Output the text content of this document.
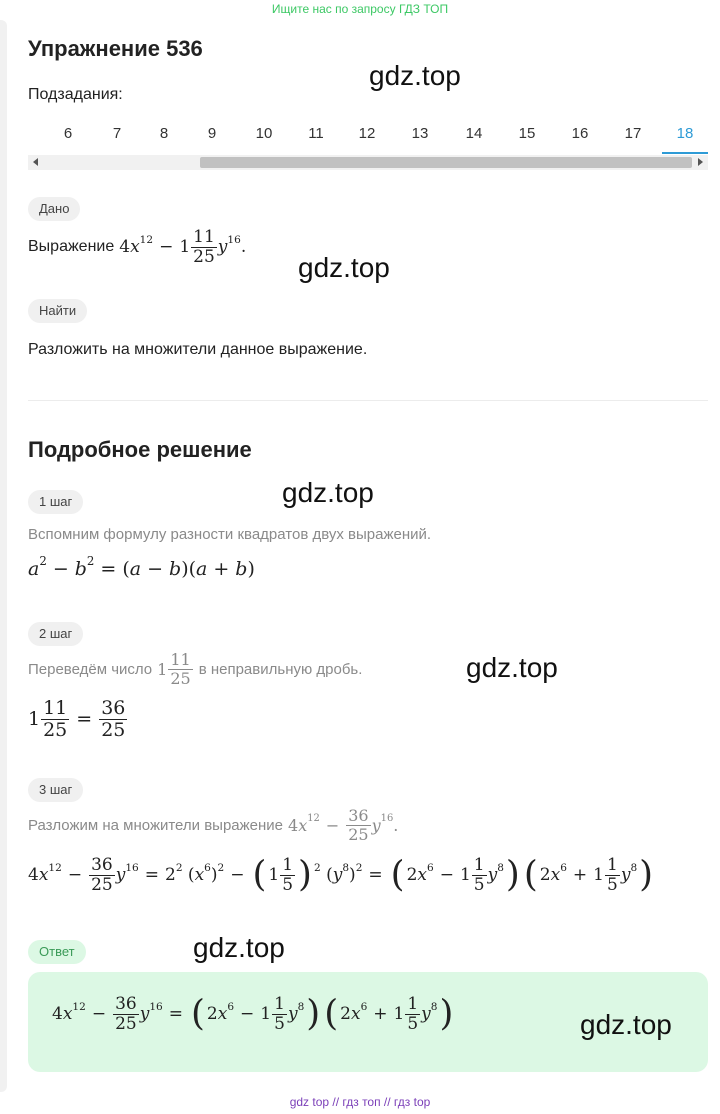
Ищите нас по запросу ГДЗ ТОП
Упражнение 536
Подзадания:
6	7	8	9	10	11	12	13	14	15	16	17	18
Дано
Выражение 4 $x^{12} - 1 \frac{11}{25} y^{16}$ .
Найти
Разложить на множители данное выражение.
Подробное решение
1 шаг
Вспомним формулу разности квадратов двух выражений.
$a^2 - b^2$ = ( a − b )( a + b )
2 шаг
Переведём число $1 \frac{11}{25}$ в неправильную дробь.
$1 \frac{11}{25} = \frac{36}{25}$
3 шаг
Разложим на множители выражение 4 $x^{12} - \frac{36}{25} y^{16}$ .
4 $x^{12} - \frac{36}{25} y^{16} = 2^2$ ( $x^6$ )$^2$ − ( $1 \frac{1}{5} )^2$ ( $y^8$ )$^2$ = ( 2 $x^6 - 1 \frac{1}{5} y^8$ ) ( 2 $x^6 + 1 \frac{1}{5} y^8$ )
Ответ
4 $x^{12} - \frac{36}{25} y^{16}$ = ( 2 $x^6 - 1 \frac{1}{5} y^8$ ) ( 2 $x^6 + 1 \frac{1}{5} y^8$ )
gdz.top
gdz.top
gdz.top
gdz.top
gdz.top
gdz.top
gdz top // гдз топ // гдз top
